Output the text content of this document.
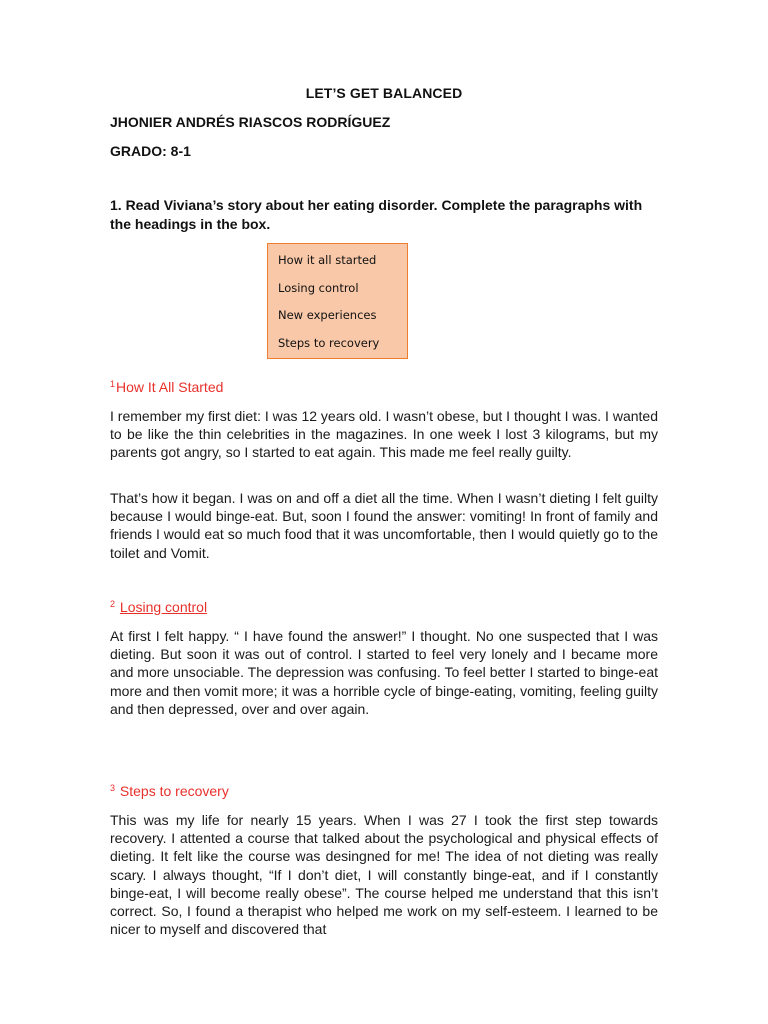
LET’S GET BALANCED
JHONIER ANDRÉS RIASCOS RODRÍGUEZ
GRADO: 8-1
1. Read Viviana’s story about her eating disorder. Complete the paragraphs with the headings in the box.
How it all started
Losing control
New experiences
Steps to recovery
$^1$How It All Started

I remember my first diet: I was 12 years old. I wasn’t obese, but I thought I was. I wanted to be like the thin celebrities in the magazines. In one week I lost 3 kilograms, but my parents got angry, so I started to eat again. This made me feel really guilty.

That’s how it began. I was on and off a diet all the time. When I wasn’t dieting I felt guilty because I would binge-eat. But, soon I found the answer: vomiting! In front of family and friends I would eat so much food that it was uncomfortable, then I would quietly go to the toilet and Vomit.

$^2$ Losing control

At first I felt happy. “ I have found the answer!” I thought. No one suspected that I was dieting. But soon it was out of control. I started to feel very lonely and I became more and more unsociable. The depression was confusing. To feel better I started to binge-eat more and then vomit more; it was a horrible cycle of binge-eating, vomiting, feeling guilty and then depressed, over and over again.

$^3$ Steps to recovery

This was my life for nearly 15 years. When I was 27 I took the first step towards recovery. I attented a course that talked about the psychological and physical effects of dieting. It felt like the course was desingned for me! The idea of not dieting was really scary. I always thought, “If I don’t diet, I will constantly binge-eat, and if I constantly binge-eat, I will become really obese”. The course helped me understand that this isn’t correct. So, I found a therapist who helped me work on my self-esteem. I learned to be nicer to myself and discovered that
